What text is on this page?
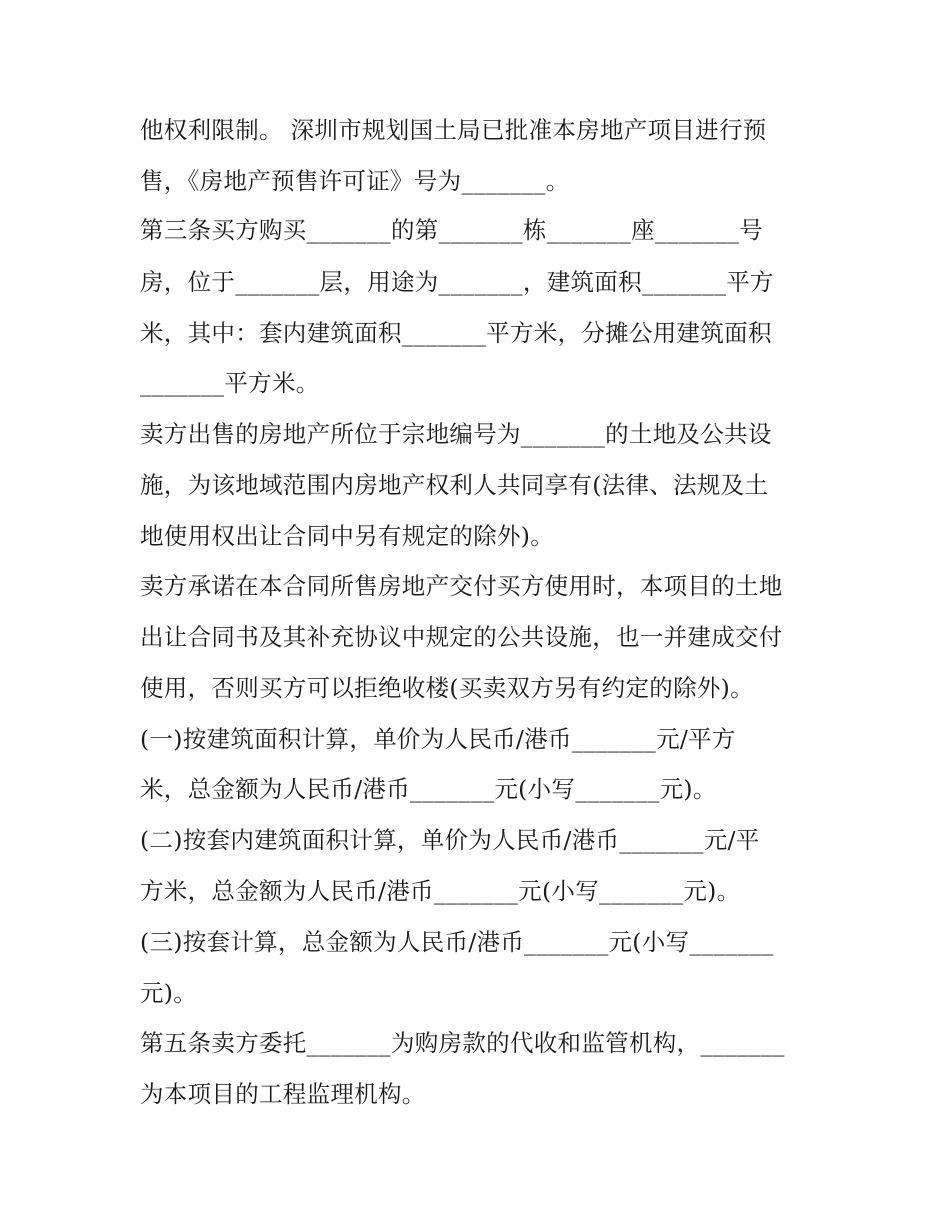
他权利限制。 深圳市规划国土局已批准本房地产项目进行预

售，《房地产预售许可证》号为_______。

第三条买方购买_______的第_______栋_______座_______号

房，位于_______层，用途为_______，建筑面积_______平方

米，其中：套内建筑面积_______平方米，分摊公用建筑面积

_______平方米。

卖方出售的房地产所位于宗地编号为_______的土地及公共设

施，为该地域范围内房地产权利人共同享有(法律、法规及土

地使用权出让合同中另有规定的除外)。

卖方承诺在本合同所售房地产交付买方使用时，本项目的土地

出让合同书及其补充协议中规定的公共设施，也一并建成交付

使用，否则买方可以拒绝收楼(买卖双方另有约定的除外)。

(一)按建筑面积计算，单价为人民币/港币_______元/平方

米，总金额为人民币/港币_______元(小写_______元)。

(二)按套内建筑面积计算，单价为人民币/港币_______元/平

方米，总金额为人民币/港币_______元(小写_______元)。

(三)按套计算，总金额为人民币/港币_______元(小写_______

元)。

第五条卖方委托_______为购房款的代收和监管机构，_______

为本项目的工程监理机构。
